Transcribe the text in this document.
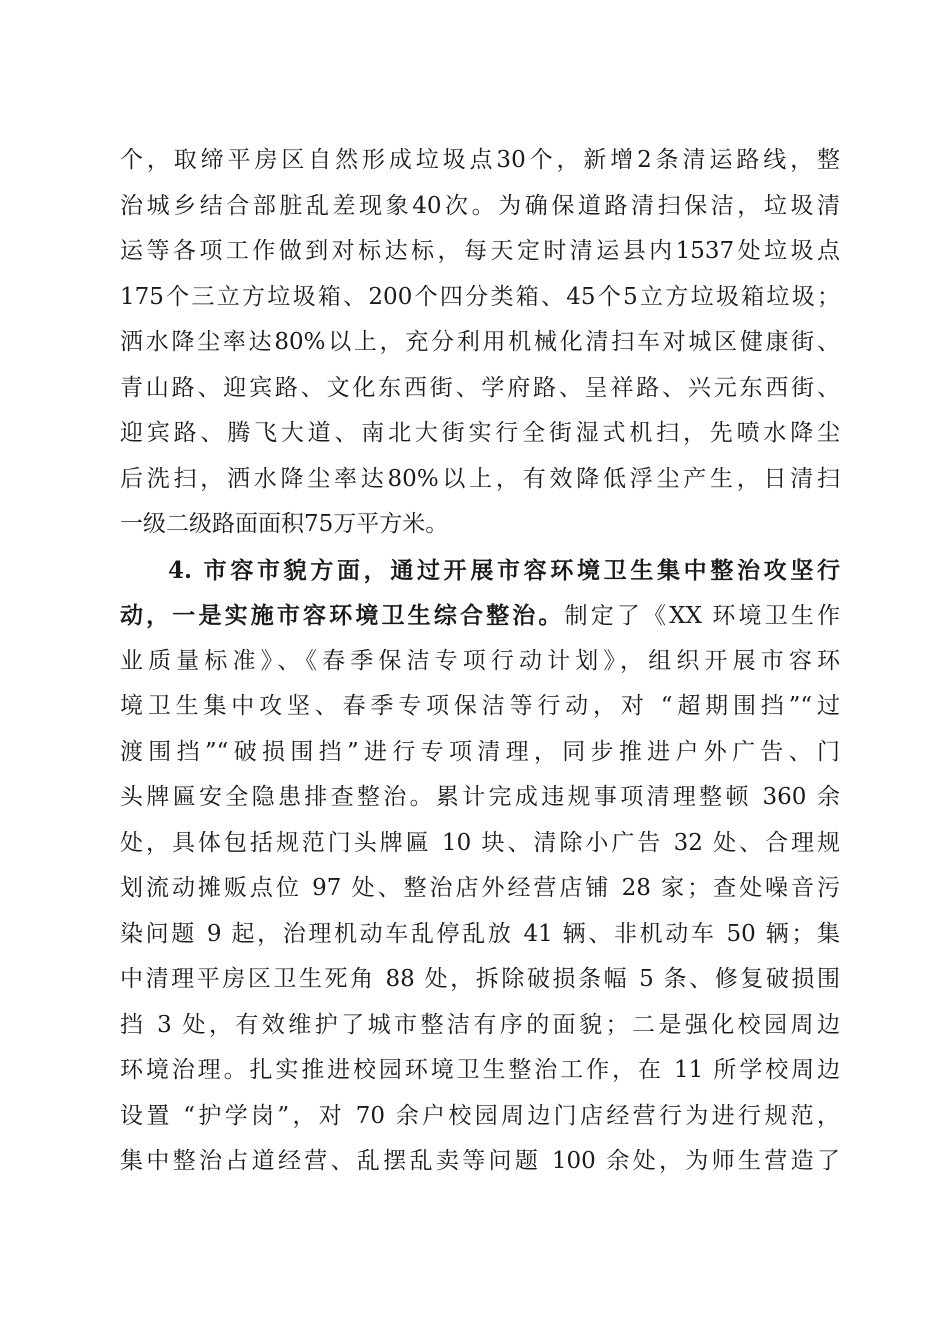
个，取缔平房区自然形成垃圾点30个，新增2条清运路线，整
治城乡结合部脏乱差现象40次。为确保道路清扫保洁，垃圾清
运等各项工作做到对标达标，每天定时清运县内1537处垃圾点
175个三立方垃圾箱、200个四分类箱、45个5立方垃圾箱垃圾；
洒水降尘率达80%以上，充分利用机械化清扫车对城区健康街、
青山路、迎宾路、文化东西街、学府路、呈祥路、兴元东西街、
迎宾路、腾飞大道、南北大街实行全街湿式机扫，先喷水降尘
后洗扫，洒水降尘率达80%以上，有效降低浮尘产生，日清扫
一级二级路面面积75万平方米。
4. 市容市貌方面，通过开展市容环境卫生集中整治攻坚行
动，一是实施市容环境卫生综合整治。制定了《XX 环境卫生作
业质量标准》、《春季保洁专项行动计划》，组织开展市容环
境卫生集中攻坚、春季专项保洁等行动，对 “超期围挡”“过
渡围挡”“破损围挡”进行专项清理，同步推进户外广告、门
头牌匾安全隐患排查整治。累计完成违规事项清理整顿 360 余
处，具体包括规范门头牌匾 10 块、清除小广告 32 处、合理规
划流动摊贩点位 97 处、整治店外经营店铺 28 家；查处噪音污
染问题 9 起，治理机动车乱停乱放 41 辆、非机动车 50 辆；集
中清理平房区卫生死角 88 处，拆除破损条幅 5 条、修复破损围
挡 3 处，有效维护了城市整洁有序的面貌；二是强化校园周边
环境治理。扎实推进校园环境卫生整治工作，在 11 所学校周边
设置 “护学岗”，对 70 余户校园周边门店经营行为进行规范，
集中整治占道经营、乱摆乱卖等问题 100 余处，为师生营造了
